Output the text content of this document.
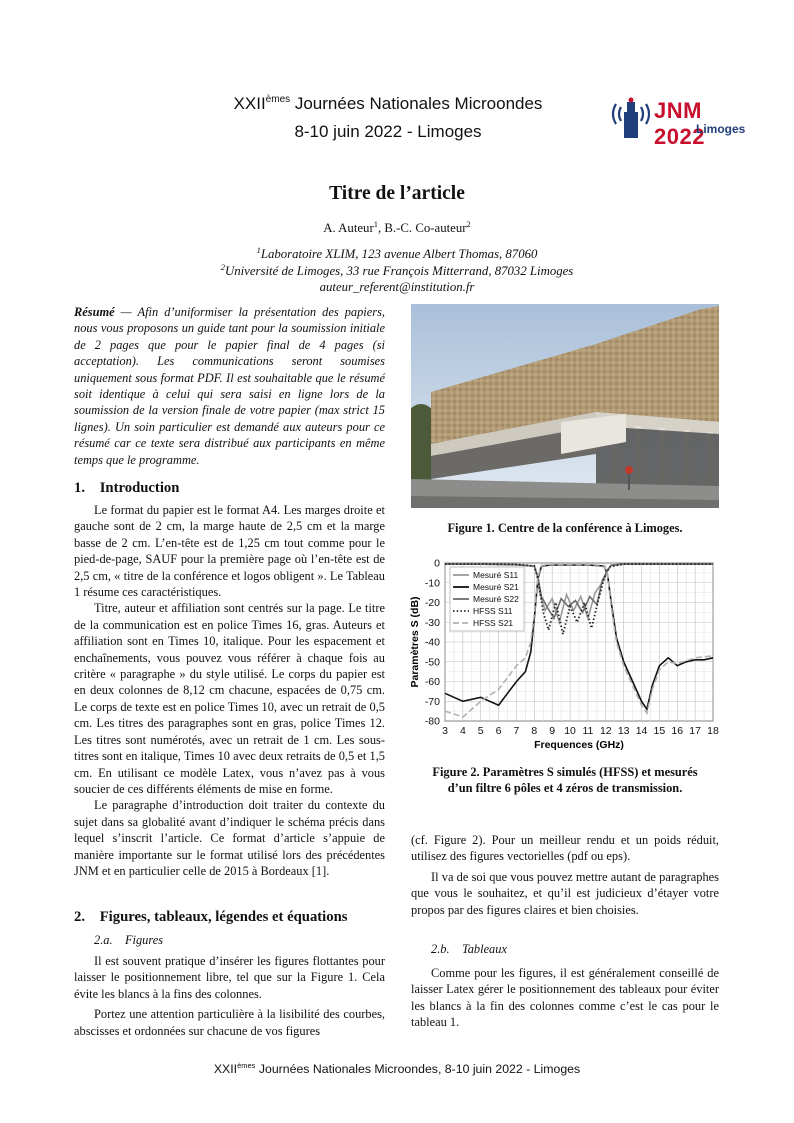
XXIIèmes Journées Nationales Microondes
8-10 juin 2022 - Limoges
JNM 2022
Limoges
Titre de l’article
A. Auteur$^1$, B.-C. Co-auteur$^2$
$^1$Laboratoire XLIM, 123 avenue Albert Thomas, 87060
$^2$Université de Limoges, 33 rue François Mitterrand, 87032 Limoges
auteur_referent@institution.fr

Résumé — Afin d’uniformiser la présentation des papiers, nous vous proposons un guide tant pour la soumission initiale de 2 pages que pour le papier final de 4 pages (si acceptation). Les communications seront soumises uniquement sous format PDF. Il est souhaitable que le résumé soit identique à celui qui sera saisi en ligne lors de la soumission de la version finale de votre papier (max strict 15 lignes). Un soin particulier est demandé aux auteurs pour ce résumé car ce texte sera distribué aux participants en même temps que le programme.

1.    Introduction

Le format du papier est le format A4. Les marges droite et gauche sont de 2 cm, la marge haute de 2,5 cm et la marge basse de 2 cm. L’en-tête est de 1,25 cm tout comme pour le pied-de-page, SAUF pour la première page où l’en-tête est de 2,5 cm, « titre de la conférence et logos obligent ». Le Tableau 1 résume ces caractéristiques.

Titre, auteur et affiliation sont centrés sur la page. Le titre de la communication est en police Times 16, gras. Auteurs et affiliation sont en Times 10, italique. Pour les espacement et enchaînements, vous pouvez vous référer à chaque fois au critère « paragraphe » du style utilisé. Le corps du papier est en deux colonnes de 8,12 cm chacune, espacées de 0,75 cm. Le corps de texte est en police Times 10, avec un retrait de 0,5 cm. Les titres des paragraphes sont en gras, police Times 12. Les titres sont numérotés, avec un retrait de 1 cm. Les sous-titres sont en italique, Times 10 avec deux retraits de 0,5 et 1,5 cm. En utilisant ce modèle Latex, vous n’avez pas à vous soucier de ces différents éléments de mise en forme.

Le paragraphe d’introduction doit traiter du contexte du sujet dans sa globalité avant d’indiquer le schéma précis dans lequel s’inscrit l’article. Ce format d’article s’appuie de manière importante sur le format utilisé lors des précédentes JNM et en particulier celle de 2015 à Bordeaux [1].

2.    Figures, tableaux, légendes et équations
2.a.    Figures

Il est souvent pratique d’insérer les figures flottantes pour laisser le positionnement libre, tel que sur la Figure 1. Cela évite les blancs à la fins des colonnes.

Portez une attention particulière à la lisibilité des courbes, abscisses et ordonnées sur chacune de vos figures

Figure 1. Centre de la conférence à Limoges.
3 4 5 6 7 8 9 10 11 12 13 14 15 16 17 18
0
-10
-20
-30
-40
-50
-60
-70
-80
Mesuré S11
Mesuré S21
Mesuré S22
HFSS S11
HFSS S21
Frequences (GHz)
Paramètres S (dB)
Figure 2. Paramètres S simulés (HFSS) et mesurés
d’un filtre 6 pôles et 4 zéros de transmission.

(cf. Figure 2). Pour un meilleur rendu et un poids réduit, utilisez des figures vectorielles (pdf ou eps).

Il va de soi que vous pouvez mettre autant de paragraphes que vous le souhaitez, et qu’il est judicieux d’étayer votre propos par des figures claires et bien choisies.

2.b.    Tableaux

Comme pour les figures, il est généralement conseillé de laisser Latex gérer le positionnement des tableaux pour éviter les blancs à la fin des colonnes comme c’est le cas pour le tableau 1.

XXIIèmes Journées Nationales Microondes, 8-10 juin 2022 - Limoges
